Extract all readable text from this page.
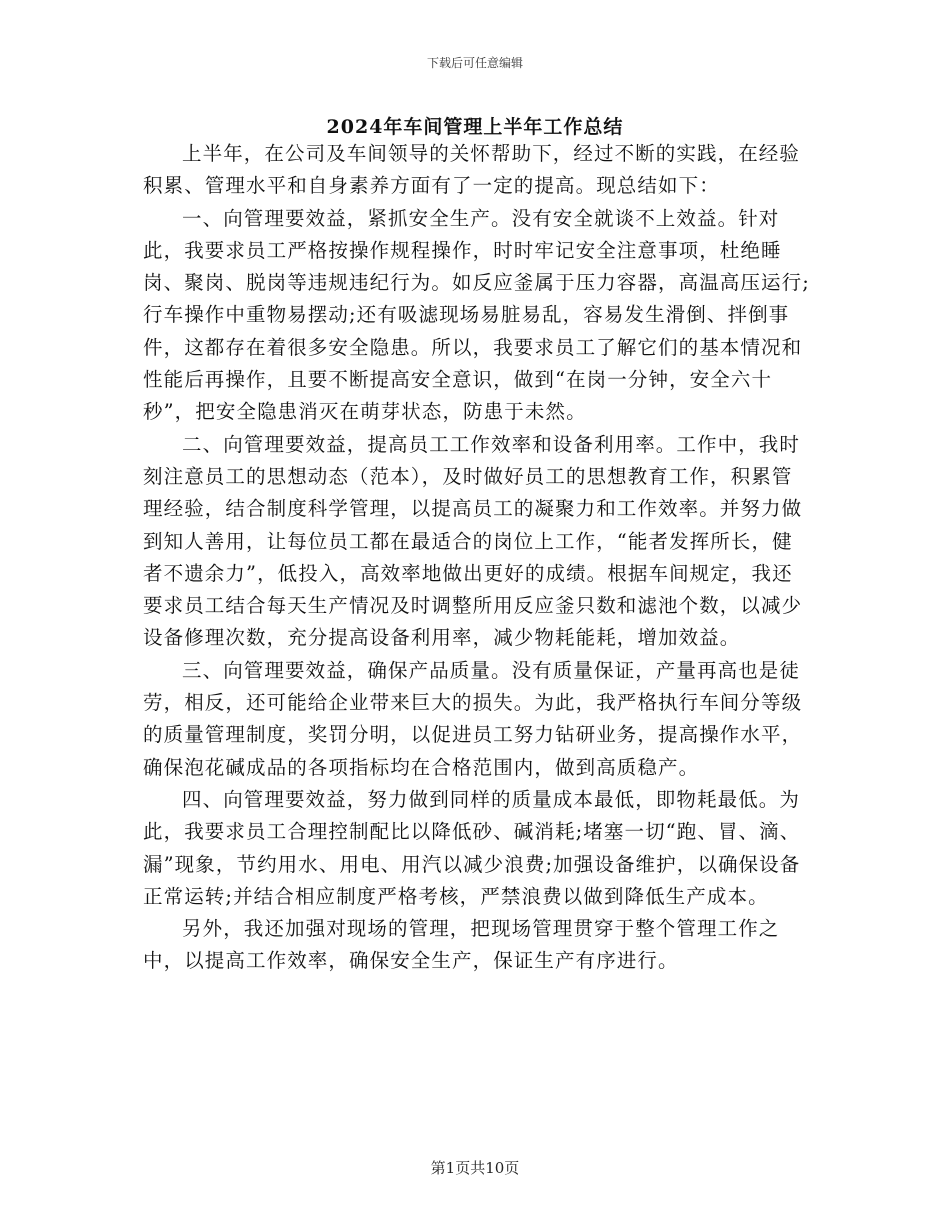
下载后可任意编辑
2024年车间管理上半年工作总结

上半年，在公司及车间领导的关怀帮助下，经过不断的实践，在经验积累、管理水平和自身素养方面有了一定的提高。现总结如下：

一、向管理要效益，紧抓安全生产。没有安全就谈不上效益。针对此，我要求员工严格按操作规程操作，时时牢记安全注意事项，杜绝睡岗、聚岗、脱岗等违规违纪行为。如反应釜属于压力容器，高温高压运行;行车操作中重物易摆动;还有吸滤现场易脏易乱，容易发生滑倒、拌倒事件，这都存在着很多安全隐患。所以，我要求员工了解它们的基本情况和性能后再操作，且要不断提高安全意识，做到“在岗一分钟，安全六十秒”，把安全隐患消灭在萌芽状态，防患于未然。

二、向管理要效益，提高员工工作效率和设备利用率。工作中，我时刻注意员工的思想动态（范本），及时做好员工的思想教育工作，积累管理经验，结合制度科学管理，以提高员工的凝聚力和工作效率。并努力做到知人善用，让每位员工都在最适合的岗位上工作，“能者发挥所长，健者不遗余力”，低投入，高效率地做出更好的成绩。根据车间规定，我还要求员工结合每天生产情况及时调整所用反应釜只数和滤池个数，以减少设备修理次数，充分提高设备利用率，减少物耗能耗，增加效益。

三、向管理要效益，确保产品质量。没有质量保证，产量再高也是徒劳，相反，还可能给企业带来巨大的损失。为此，我严格执行车间分等级的质量管理制度，奖罚分明，以促进员工努力钻研业务，提高操作水平，确保泡花碱成品的各项指标均在合格范围内，做到高质稳产。

四、向管理要效益，努力做到同样的质量成本最低，即物耗最低。为此，我要求员工合理控制配比以降低砂、碱消耗;堵塞一切“跑、冒、滴、漏”现象，节约用水、用电、用汽以减少浪费;加强设备维护，以确保设备正常运转;并结合相应制度严格考核，严禁浪费以做到降低生产成本。

另外，我还加强对现场的管理，把现场管理贯穿于整个管理工作之中，以提高工作效率，确保安全生产，保证生产有序进行。

第1页共10页
